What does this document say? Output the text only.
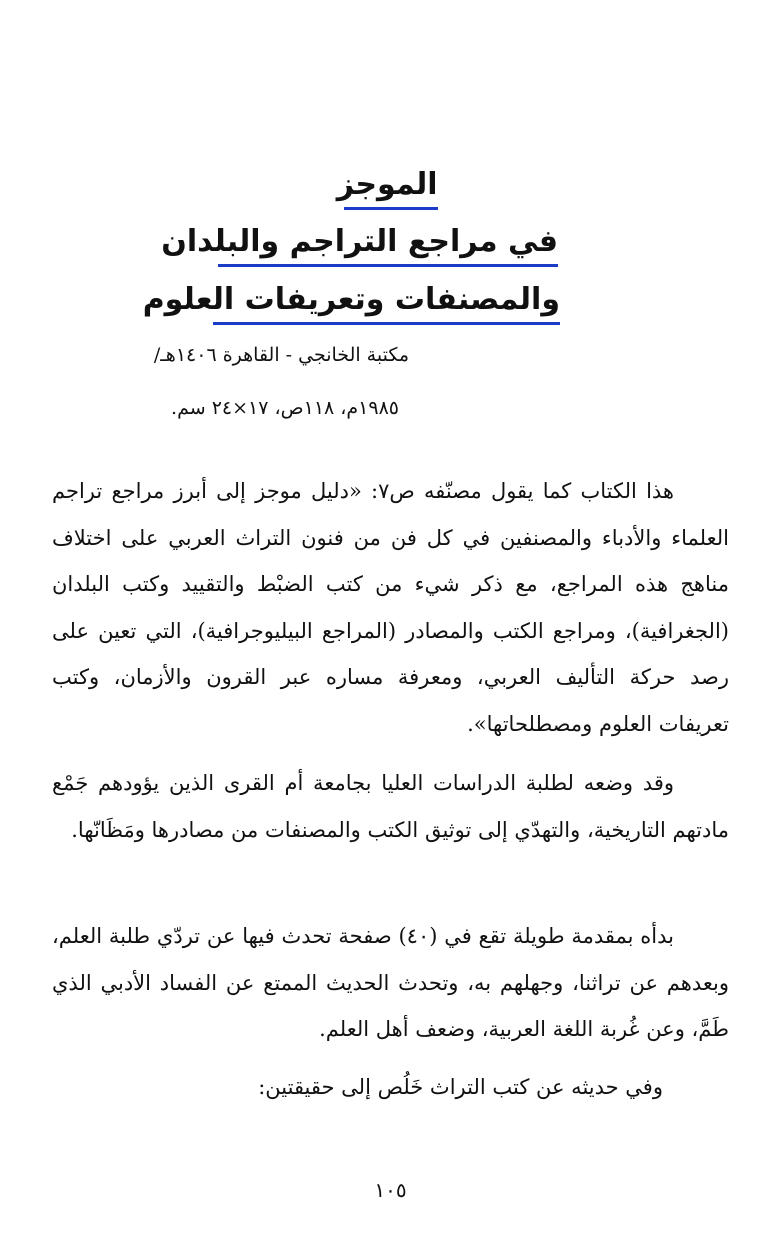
الموجز
في مراجع التراجم والبلدان
والمصنفات وتعريفات العلوم
مكتبة الخانجي - القاهرة ١٤٠٦هـ/
١٩٨٥م، ١١٨ص، ١٧×٢٤ سم.

هذا الكتاب كما يقول مصنّفه ص٧: «دليل موجز إلى أبرز مراجع تراجم العلماء والأدباء والمصنفين في كل فن من فنون التراث العربي على اختلاف مناهج هذه المراجع، مع ذكر شيء من كتب الضبْط والتقييد وكتب البلدان (الجغرافية)، ومراجع الكتب والمصادر (المراجع البيليوجرافية)، التي تعين على رصد حركة التأليف العربي، ومعرفة مساره عبر القرون والأزمان، وكتب تعريفات العلوم ومصطلحاتها».

وقد وضعه لطلبة الدراسات العليا بجامعة أم القرى الذين يؤودهم جَمْع مادتهم التاريخية، والتهدّي إلى توثيق الكتب والمصنفات من مصادرها ومَظَانّها.

بدأه بمقدمة طويلة تقع في (٤٠) صفحة تحدث فيها عن تردّي طلبة العلم، وبعدهم عن تراثنا، وجهلهم به، وتحدث الحديث الممتع عن الفساد الأدبي الذي طَمَّ، وعن غُربة اللغة العربية، وضعف أهل العلم.

وفي حديثه عن كتب التراث خَلُص إلى حقيقتين:

١٠٥
